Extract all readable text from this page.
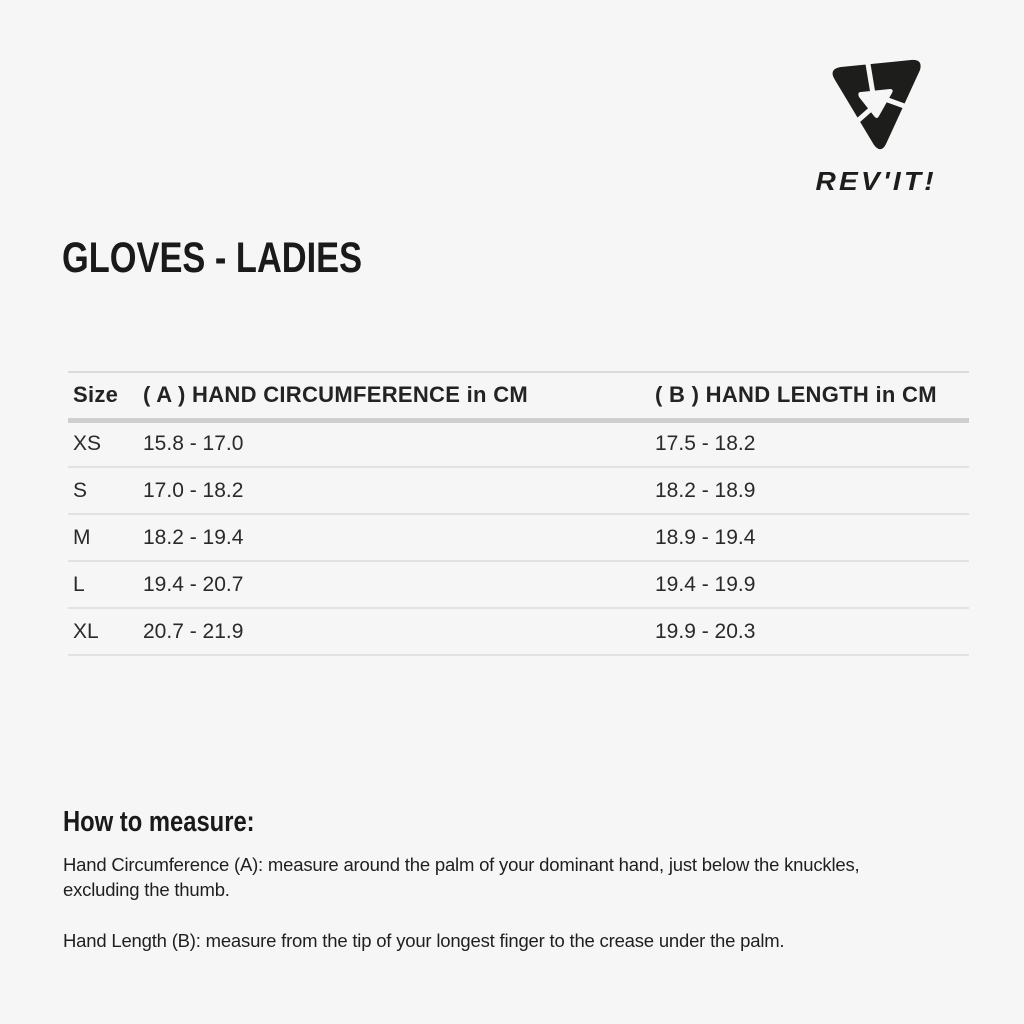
REV'IT!
GLOVES - LADIES
Size	( A ) HAND CIRCUMFERENCE in CM	( B ) HAND LENGTH in CM
XS	15.8 - 17.0	17.5 - 18.2
S	17.0 - 18.2	18.2 - 18.9
M	18.2 - 19.4	18.9 - 19.4
L	19.4 - 20.7	19.4 - 19.9
XL	20.7 - 21.9	19.9 - 20.3
How to measure:

Hand Circumference (A): measure around the palm of your dominant hand, just below the knuckles, excluding the thumb.

Hand Length (B): measure from the tip of your longest finger to the crease under the palm.
